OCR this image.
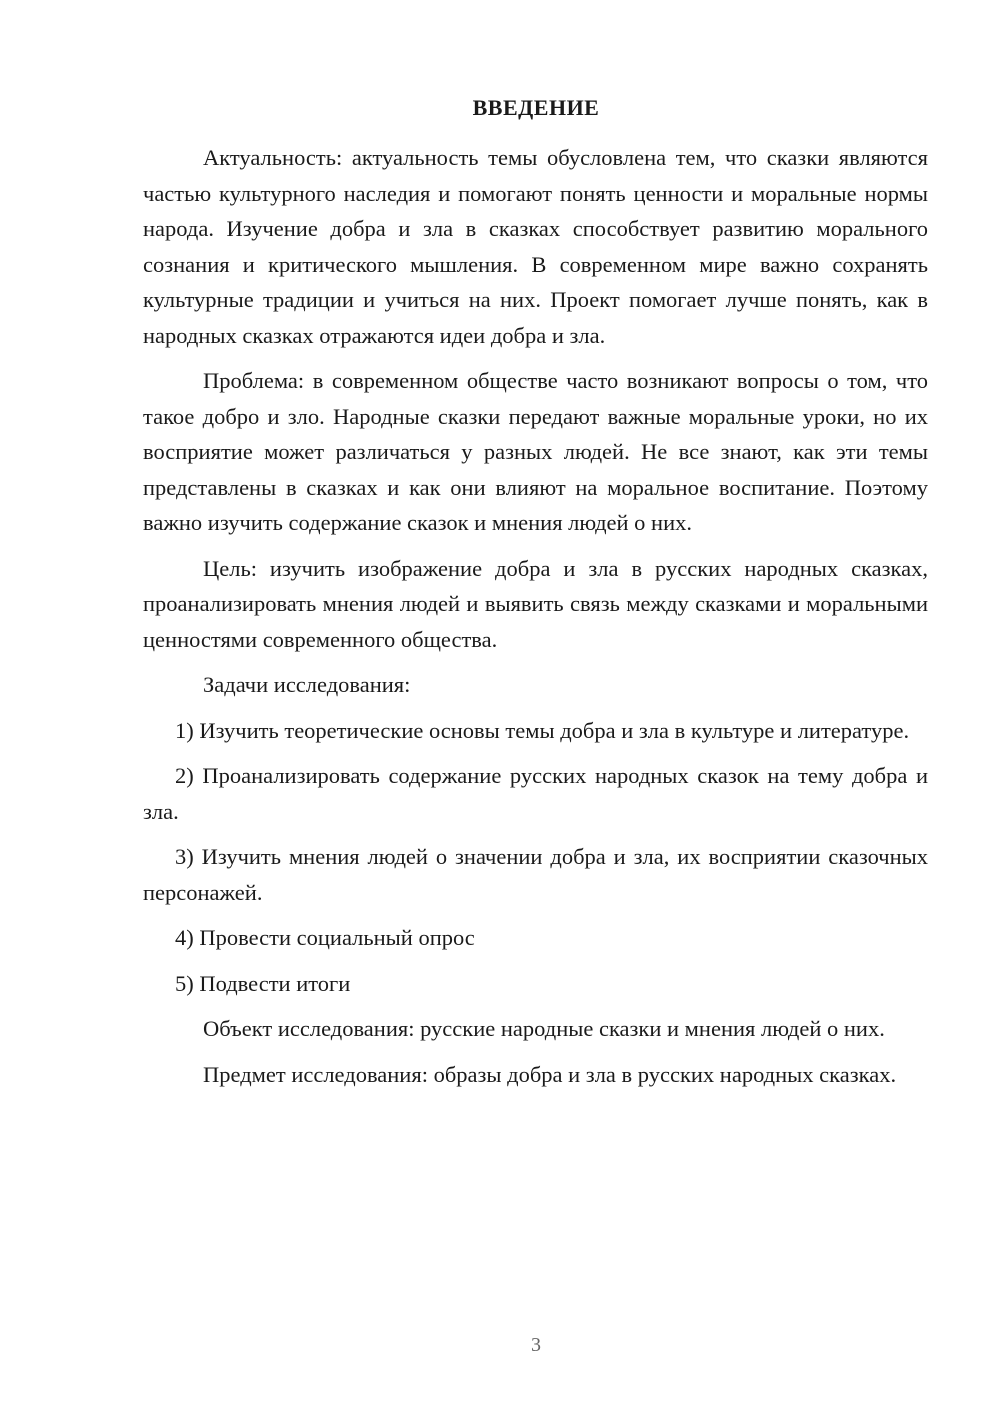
ВВЕДЕНИЕ

Актуальность: актуальность темы обусловлена тем, что сказки являются частью культурного наследия и помогают понять ценности и моральные нормы народа. Изучение добра и зла в сказках способствует развитию морального сознания и критического мышления. В современном мире важно сохранять культурные традиции и учиться на них. Проект помогает лучше понять, как в народных сказках отражаются идеи добра и зла.

Проблема: в современном обществе часто возникают вопросы о том, что такое добро и зло. Народные сказки передают важные моральные уроки, но их восприятие может различаться у разных людей. Не все знают, как эти темы представлены в сказках и как они влияют на моральное воспитание. Поэтому важно изучить содержание сказок и мнения людей о них.

Цель: изучить изображение добра и зла в русских народных сказках, проанализировать мнения людей и выявить связь между сказками и моральными ценностями современного общества.

Задачи исследования:

1) Изучить теоретические основы темы добра и зла в культуре и литературе.

2) Проанализировать содержание русских народных сказок на тему добра и зла.

3) Изучить мнения людей о значении добра и зла, их восприятии сказочных персонажей.

4) Провести социальный опрос

5) Подвести итоги

Объект исследования: русские народные сказки и мнения людей о них.

Предмет исследования: образы добра и зла в русских народных сказках.

3
